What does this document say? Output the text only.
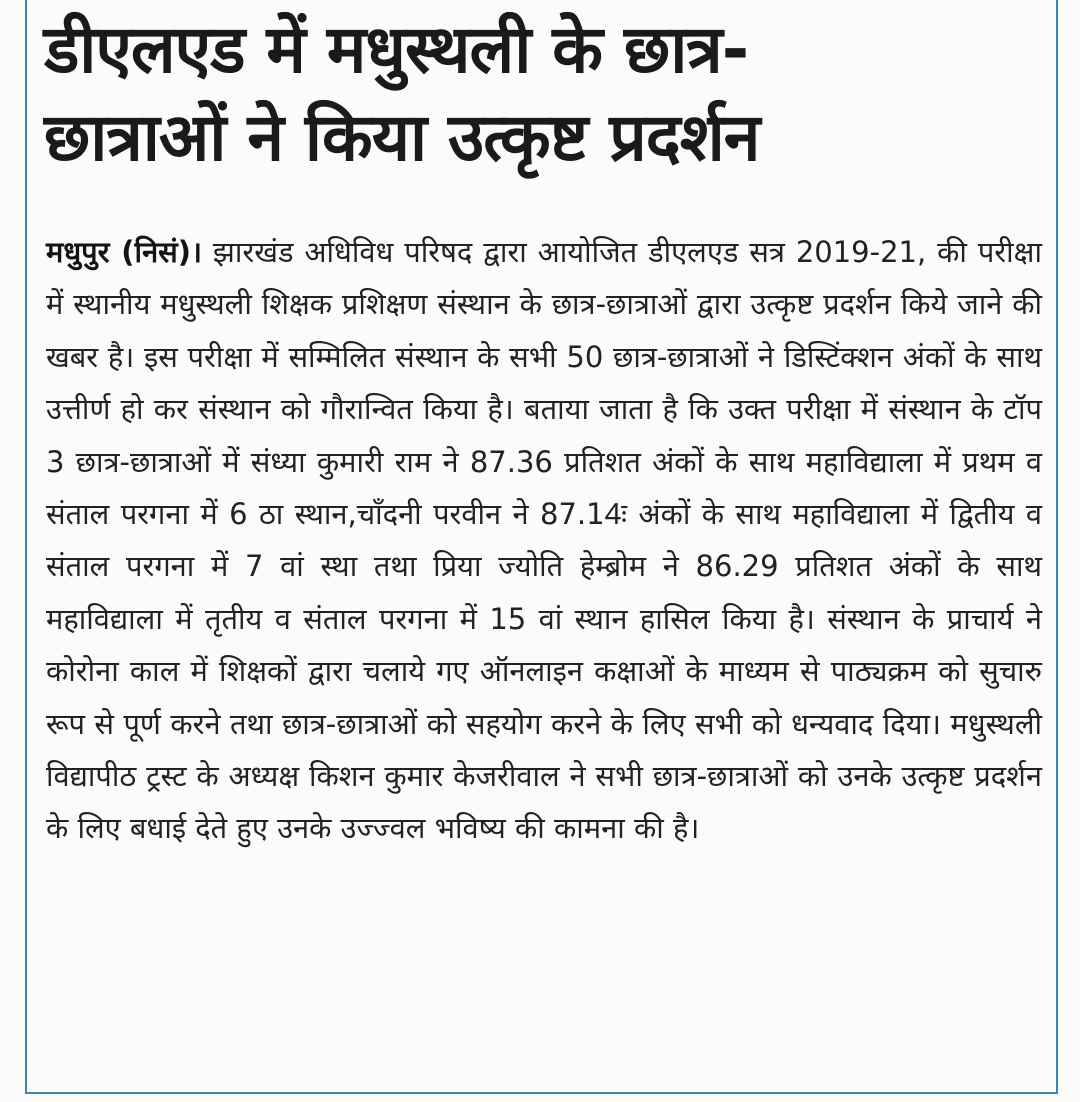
डीएलएड में मधुस्थली के छात्र-
छात्राओं ने किया उत्कृष्ट प्रदर्शन

मधुपुर (निसं)। झारखंड अधिविध परिषद द्वारा आयोजित डीएलएड सत्र 2019-21, की परीक्षा में स्थानीय मधुस्थली शिक्षक प्रशिक्षण संस्थान के छात्र-छात्राओं द्वारा उत्कृष्ट प्रदर्शन किये जाने की खबर है। इस परीक्षा में सम्मिलित संस्थान के सभी 50 छात्र-छात्राओं ने डिस्टिंक्शन अंकों के साथ उत्तीर्ण हो कर संस्थान को गौरान्वित किया है। बताया जाता है कि उक्त परीक्षा में संस्थान के टॉप 3 छात्र-छात्राओं में संध्या कुमारी राम ने 87.36 प्रतिशत अंकों के साथ महाविद्याला में प्रथम व संताल परगना में 6 ठा स्थान,चाँदनी परवीन ने 87.14ः अंकों के साथ महाविद्याला में द्वितीय व संताल परगना में 7 वां स्था तथा प्रिया ज्योति हेम्ब्रोम ने 86.29 प्रतिशत अंकों के साथ महाविद्याला में तृतीय व संताल परगना में 15 वां स्थान हासिल किया है। संस्थान के प्राचार्य ने कोरोना काल में शिक्षकों द्वारा चलाये गए ऑनलाइन कक्षाओं के माध्यम से पाठ्यक्रम को सुचारु रूप से पूर्ण करने तथा छात्र-छात्राओं को सहयोग करने के लिए सभी को धन्यवाद दिया। मधुस्थली विद्यापीठ ट्रस्ट के अध्यक्ष किशन कुमार केजरीवाल ने सभी छात्र-छात्राओं को उनके उत्कृष्ट प्रदर्शन के लिए बधाई देते हुए उनके उज्ज्वल भविष्य की कामना की है।
